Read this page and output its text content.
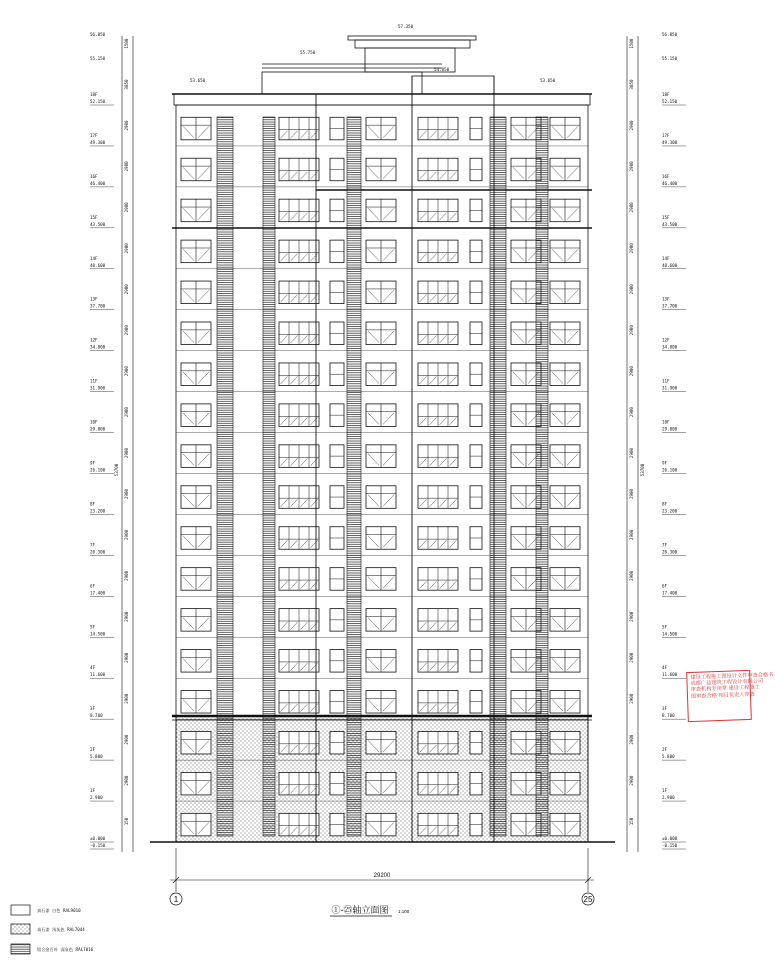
1	25
29200
53700	53700
①-㉕轴立面图 1:100
57.350
53.650	53.650
55.750
54.850
56.850
55.150
56.850
55.150
18F
52.150
18F
52.150
17F
49.300
17F
49.300
16F
46.400
16F
46.400
15F
43.500
15F
43.500
14F
40.600
14F
40.600
13F
37.700
13F
37.700
12F
34.800
12F
34.800
11F
31.900
11F
31.900
10F
29.000
10F
29.000
9F
26.100
9F
26.100
8F
23.200
8F
23.200
7F
20.300
7F
20.300
6F
17.400
6F
17.400
5F
14.500
5F
14.500
4F
11.600
4F
11.600
3F
8.700
3F
8.700
2F
5.800
2F
5.800
1F
2.900
1F
2.900
±0.000	±0.000
-0.150	-0.150
150	150
2900	2900
2900	2900
2900	2900
2900	2900
2900	2900
2900	2900
2900	2900
2900	2900
2900	2900
2900	2900
2900	2900
2900	2900
2900	2900
2900	2900
2900	2900
2900	2900
2900	2900
3850	3850
1500	1500
真石漆 白色 RAL9010
真石漆 浅灰色 RAL7044
铝合金百叶 深灰色 RAL7016
建设工程施工图设计文件审查合格书
成都广益建筑工程设计有限公司
审查机构专用章 建设工程施工
图审查合格 项目负责人审查
